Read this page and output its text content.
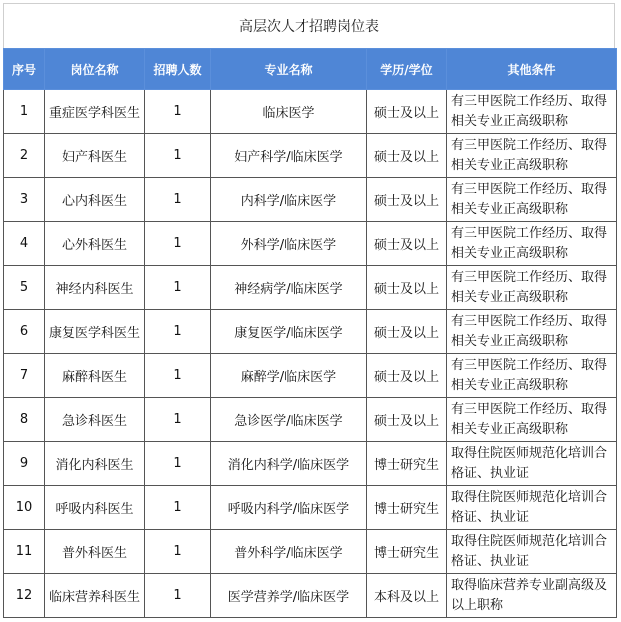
高层次人才招聘岗位表
序号	岗位名称	招聘人数	专业名称	学历/学位	其他条件
1	重症医学科医生	1	临床医学	硕士及以上	有三甲医院工作经历、取得相关专业正高级职称
2	妇产科医生	1	妇产科学/临床医学	硕士及以上	有三甲医院工作经历、取得相关专业正高级职称
3	心内科医生	1	内科学/临床医学	硕士及以上	有三甲医院工作经历、取得相关专业正高级职称
4	心外科医生	1	外科学/临床医学	硕士及以上	有三甲医院工作经历、取得相关专业正高级职称
5	神经内科医生	1	神经病学/临床医学	硕士及以上	有三甲医院工作经历、取得相关专业正高级职称
6	康复医学科医生	1	康复医学/临床医学	硕士及以上	有三甲医院工作经历、取得相关专业正高级职称
7	麻醉科医生	1	麻醉学/临床医学	硕士及以上	有三甲医院工作经历、取得相关专业正高级职称
8	急诊科医生	1	急诊医学/临床医学	硕士及以上	有三甲医院工作经历、取得相关专业正高级职称
9	消化内科医生	1	消化内科学/临床医学	博士研究生	取得住院医师规范化培训合格证、执业证
10	呼吸内科医生	1	呼吸内科学/临床医学	博士研究生	取得住院医师规范化培训合格证、执业证
11	普外科医生	1	普外科学/临床医学	博士研究生	取得住院医师规范化培训合格证、执业证
12	临床营养科医生	1	医学营养学/临床医学	本科及以上	取得临床营养专业副高级及以上职称
